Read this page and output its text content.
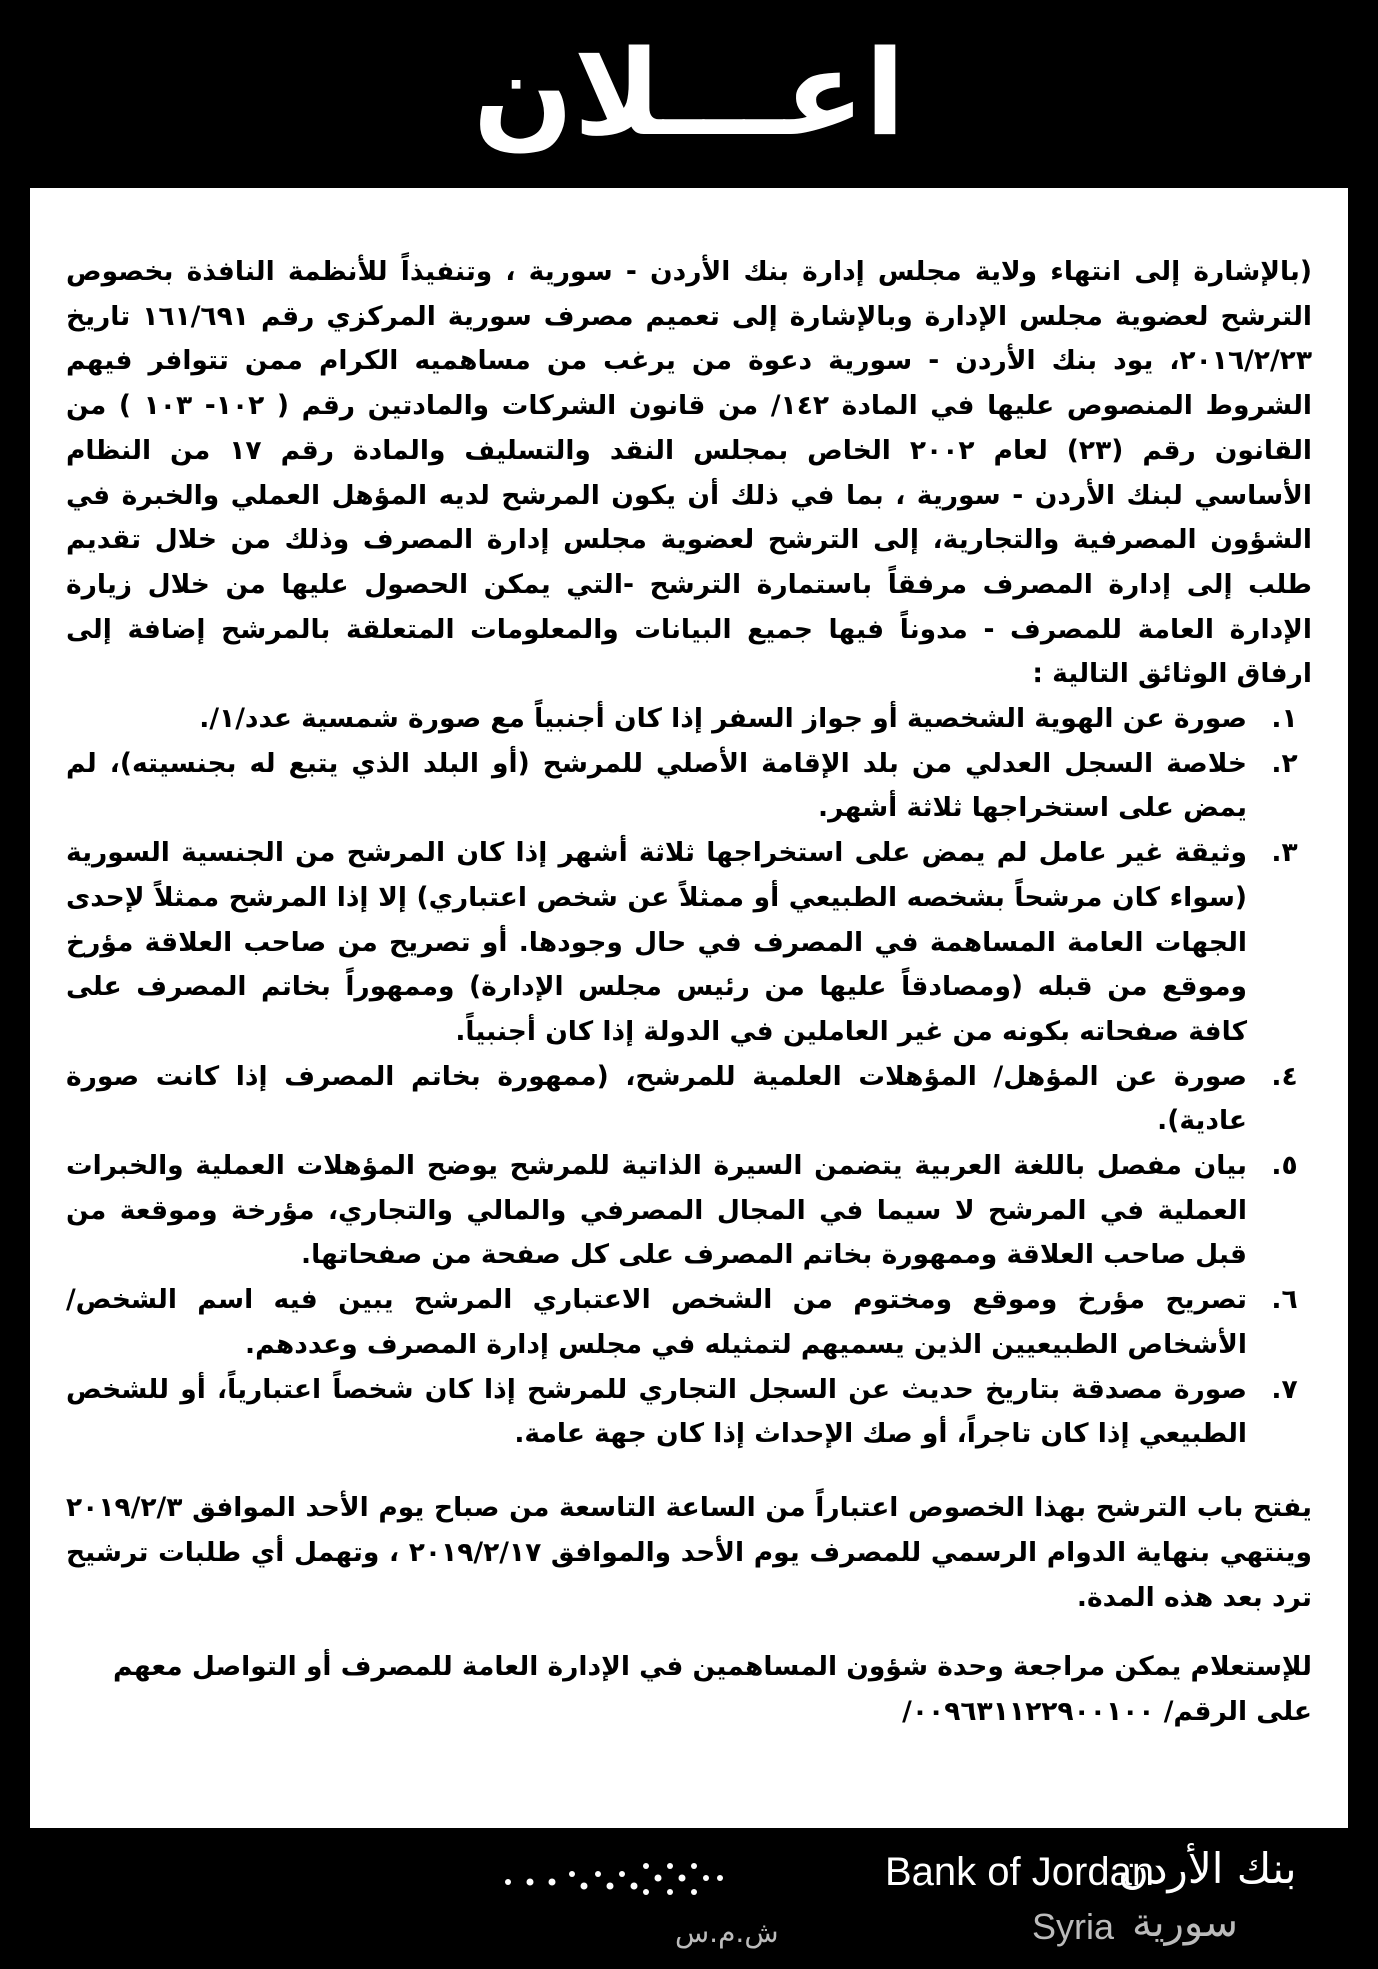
اعـــلان

(بالإشارة إلى انتهاء ولاية مجلس إدارة بنك الأردن - سورية ، وتنفيذاً للأنظمة النافذة بخصوص الترشح لعضوية مجلس الإدارة وبالإشارة إلى تعميم مصرف سورية المركزي رقم ١٦١/٦٩١ تاريخ ٢٠١٦/٢/٢٣، يود بنك الأردن - سورية دعوة من يرغب من مساهميه الكرام ممن تتوافر فيهم الشروط المنصوص عليها في المادة ١٤٢/ من قانون الشركات والمادتين رقم ( ١٠٢- ١٠٣ ) من القانون رقم (٢٣) لعام ٢٠٠٢ الخاص بمجلس النقد والتسليف والمادة رقم ١٧ من النظام الأساسي لبنك الأردن - سورية ، بما في ذلك أن يكون المرشح لديه المؤهل العملي والخبرة في الشؤون المصرفية والتجارية، إلى الترشح لعضوية مجلس إدارة المصرف وذلك من خلال تقديم طلب إلى إدارة المصرف مرفقاً باستمارة الترشح -التي يمكن الحصول عليها من خلال زيارة الإدارة العامة للمصرف - مدوناً فيها جميع البيانات والمعلومات المتعلقة بالمرشح إضافة إلى ارفاق الوثائق التالية :

١.
صورة عن الهوية الشخصية أو جواز السفر إذا كان أجنبياً مع صورة شمسية عدد/١/.
٢.
خلاصة السجل العدلي من بلد الإقامة الأصلي للمرشح (أو البلد الذي يتبع له بجنسيته)، لم يمض على استخراجها ثلاثة أشهر.
٣.
وثيقة غير عامل لم يمض على استخراجها ثلاثة أشهر إذا كان المرشح من الجنسية السورية (سواء كان مرشحاً بشخصه الطبيعي أو ممثلاً عن شخص اعتباري) إلا إذا المرشح ممثلاً لإحدى الجهات العامة المساهمة في المصرف في حال وجودها. أو تصريح من صاحب العلاقة مؤرخ وموقع من قبله (ومصادقاً عليها من رئيس مجلس الإدارة) وممهوراً بخاتم المصرف على كافة صفحاته بكونه من غير العاملين في الدولة إذا كان أجنبياً.
٤.
صورة عن المؤهل/ المؤهلات العلمية للمرشح، (ممهورة بخاتم المصرف إذا كانت صورة عادية).
٥.
بيان مفصل باللغة العربية يتضمن السيرة الذاتية للمرشح يوضح المؤهلات العملية والخبرات العملية في المرشح لا سيما في المجال المصرفي والمالي والتجاري، مؤرخة وموقعة من قبل صاحب العلاقة وممهورة بخاتم المصرف على كل صفحة من صفحاتها.
٦.
تصريح مؤرخ وموقع ومختوم من الشخص الاعتباري المرشح يبين فيه اسم الشخص/ الأشخاص الطبيعيين الذين يسميهم لتمثيله في مجلس إدارة المصرف وعددهم.
٧.
صورة مصدقة بتاريخ حديث عن السجل التجاري للمرشح إذا كان شخصاً اعتبارياً، أو للشخص الطبيعي إذا كان تاجراً، أو صك الإحداث إذا كان جهة عامة.

يفتح باب الترشح بهذا الخصوص اعتباراً من الساعة التاسعة من صباح يوم الأحد الموافق ٢٠١٩/٢/٣ وينتهي بنهاية الدوام الرسمي للمصرف يوم الأحد والموافق ٢٠١٩/٢/١٧ ، وتهمل أي طلبات ترشيح ترد بعد هذه المدة.

للإستعلام يمكن مراجعة وحدة شؤون المساهمين في الإدارة العامة للمصرف أو التواصل معهم

على الرقم/ ٠٠٩٦٣١١٢٢٩٠٠١٠٠/

ش.م.س
Bank of Jordan
بنك الأردن
Syria سورية
